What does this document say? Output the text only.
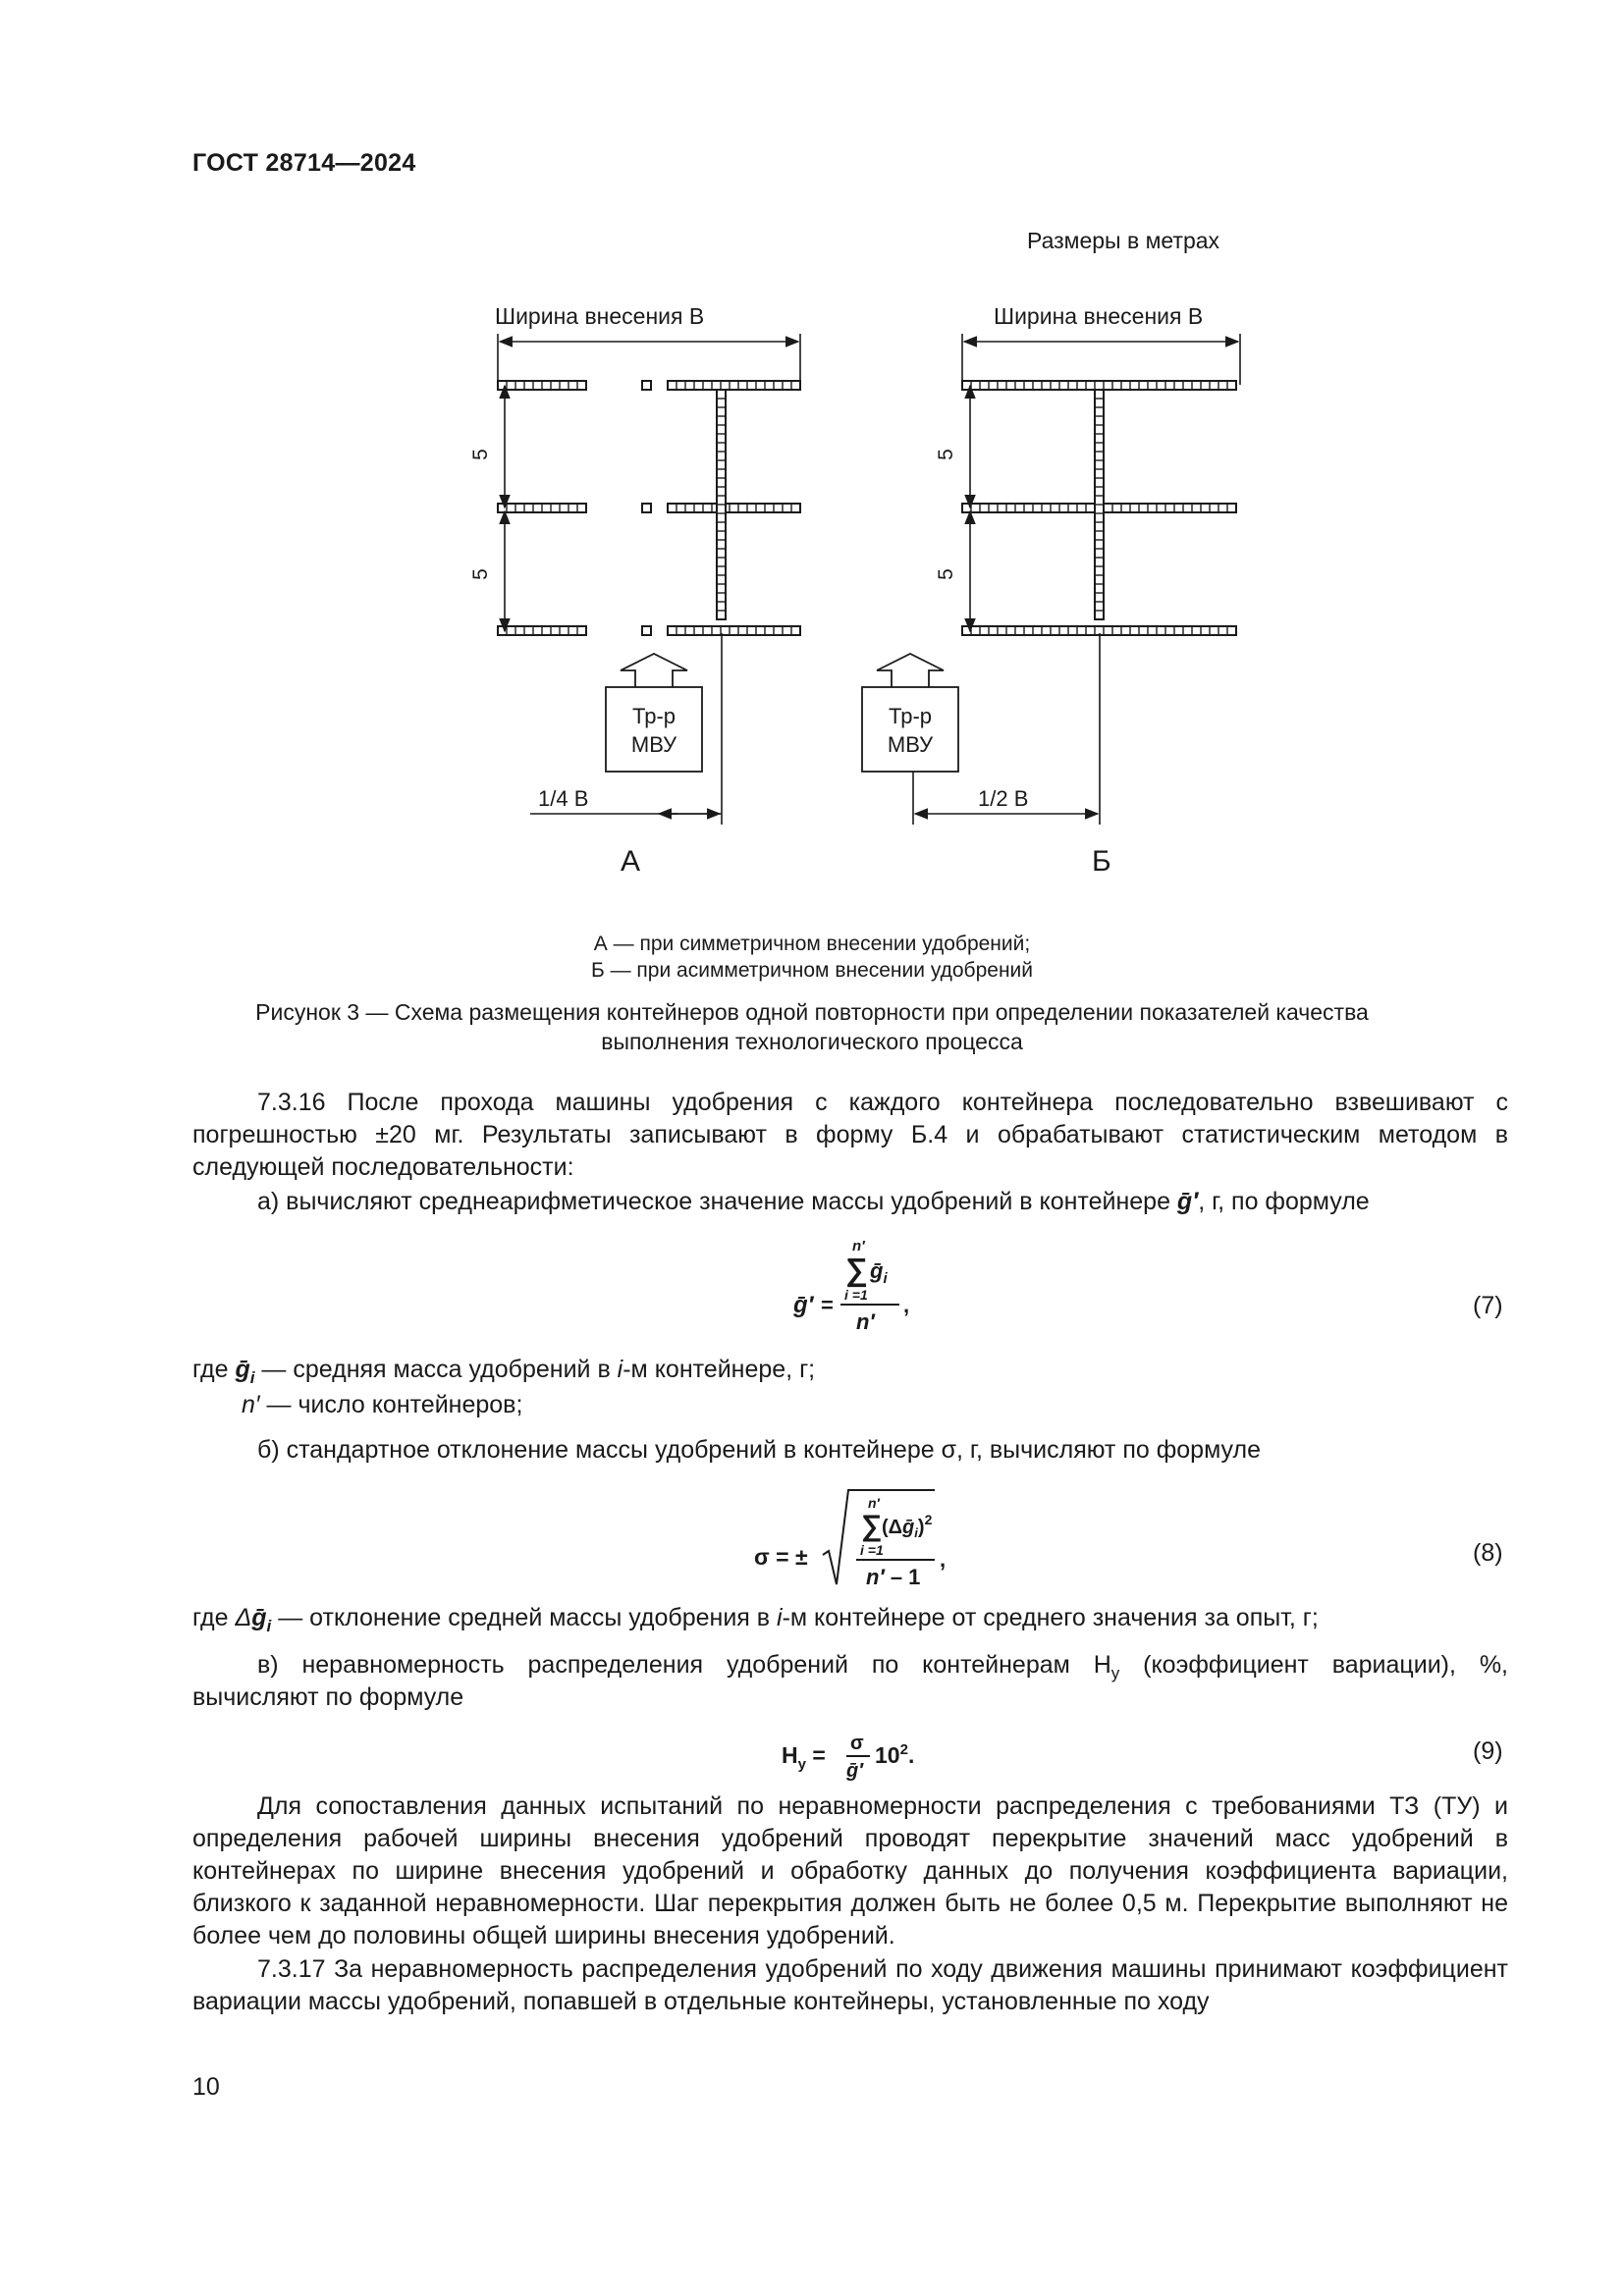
ГОСТ 28714—2024
Размеры в метрах
Ширина внесения B
5
5
Тр-р
МВУ
1/4 B
А
Ширина внесения B
5
5
Тр-р
МВУ
1/2 B
Б
А — при симметричном внесении удобрений;
Б — при асимметричном внесении удобрений
Рисунок 3 — Схема размещения контейнеров одной повторности при определении показателей качества
выполнения технологического процесса
7.3.16 После прохода машины удобрения с каждого контейнера последовательно взвешивают с погрешностью ±20 мг. Результаты записывают в форму Б.4 и обрабатывают статистическим методом в следующей последовательности:
а) вычисляют среднеарифметическое значение массы удобрений в контейнере ḡ′, г, по формуле
n′
∑ ḡ$_i$
i =1
n′
ḡ′ =	,	(7)
где ḡ$_i$ — средняя масса удобрений в i-м контейнере, г;
n′ — число контейнеров;
б) стандартное отклонение массы удобрений в контейнере σ, г, вычисляют по формуле
σ = ±
n′
∑ (Δḡ$_i$)$^2$
i =1
n′ – 1
,	(8)
где Δḡ$_i$ — отклонение средней массы удобрения в i-м контейнере от среднего значения за опыт, г;
в) неравномерность распределения удобрений по контейнерам $H_у$ (коэффициент вариации), %,
вычисляют по формуле
$H_y = \sigma$
ḡ′
$10^2$.	(9)
Для сопоставления данных испытаний по неравномерности распределения с требованиями ТЗ (ТУ) и определения рабочей ширины внесения удобрений проводят перекрытие значений масс удобрений в контейнерах по ширине внесения удобрений и обработку данных до получения коэффициента вариации, близкого к заданной неравномерности. Шаг перекрытия должен быть не более 0,5 м. Перекрытие выполняют не более чем до половины общей ширины внесения удобрений.
7.3.17 За неравномерность распределения удобрений по ходу движения машины принимают коэффициент вариации массы удобрений, попавшей в отдельные контейнеры, установленные по ходу
10
